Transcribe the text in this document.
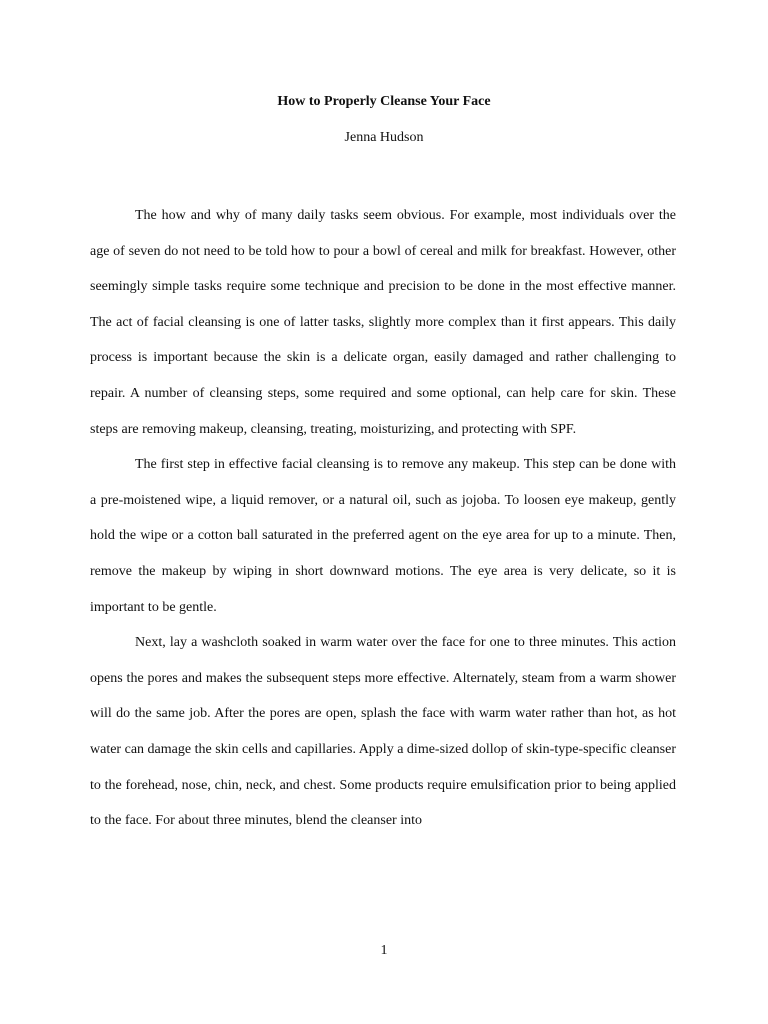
How to Properly Cleanse Your Face
Jenna Hudson

The how and why of many daily tasks seem obvious. For example, most individuals over the age of seven do not need to be told how to pour a bowl of cereal and milk for breakfast. However, other seemingly simple tasks require some technique and precision to be done in the most effective manner. The act of facial cleansing is one of latter tasks, slightly more complex than it first appears. This daily process is important because the skin is a delicate organ, easily damaged and rather challenging to repair. A number of cleansing steps, some required and some optional, can help care for skin. These steps are removing makeup, cleansing, treating, moisturizing, and protecting with SPF.

The first step in effective facial cleansing is to remove any makeup. This step can be done with a pre-moistened wipe, a liquid remover, or a natural oil, such as jojoba. To loosen eye makeup, gently hold the wipe or a cotton ball saturated in the preferred agent on the eye area for up to a minute. Then, remove the makeup by wiping in short downward motions. The eye area is very delicate, so it is important to be gentle.

Next, lay a washcloth soaked in warm water over the face for one to three minutes. This action opens the pores and makes the subsequent steps more effective. Alternately, steam from a warm shower will do the same job. After the pores are open, splash the face with warm water rather than hot, as hot water can damage the skin cells and capillaries. Apply a dime-sized dollop of skin-type-specific cleanser to the forehead, nose, chin, neck, and chest. Some products require emulsification prior to being applied to the face. For about three minutes, blend the cleanser into

1
